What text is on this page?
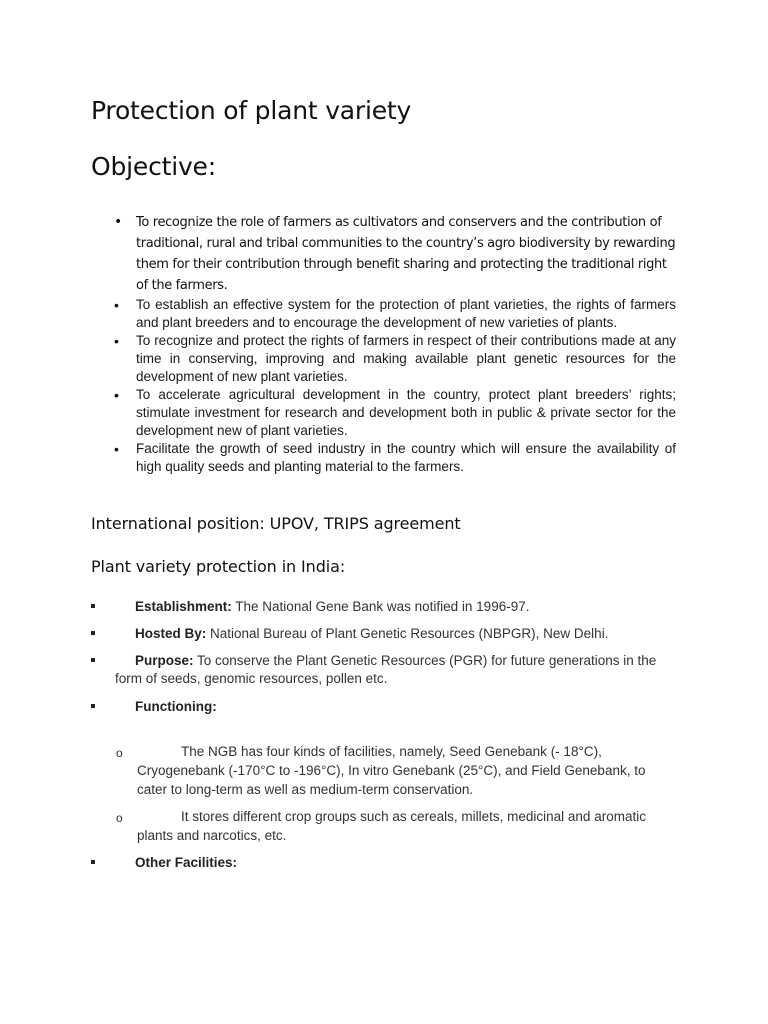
Protection of plant variety
Objective:
• To recognize the role of farmers as cultivators and conservers and the contribution of traditional, rural and tribal communities to the country’s agro biodiversity by rewarding them for their contribution through benefit sharing and protecting the traditional right of the farmers.
• To establish an effective system for the protection of plant varieties, the rights of farmers and plant breeders and to encourage the development of new varieties of plants.
• To recognize and protect the rights of farmers in respect of their contributions made at any time in conserving, improving and making available plant genetic resources for the development of new plant varieties.
• To accelerate agricultural development in the country, protect plant breeders’ rights; stimulate investment for research and development both in public & private sector for the development new of plant varieties.
• Facilitate the growth of seed industry in the country which will ensure the availability of high quality seeds and planting material to the farmers.
International position: UPOV, TRIPS agreement
Plant variety protection in India:
Establishment: The National Gene Bank was notified in 1996-97.
Hosted By: National Bureau of Plant Genetic Resources (NBPGR), New Delhi.
Purpose: To conserve the Plant Genetic Resources (PGR) for future generations in the form of seeds, genomic resources, pollen etc.
Functioning:
o	The NGB has four kinds of facilities, namely, Seed Genebank (- 18°C), Cryogenebank (-170°C to -196°C), In vitro Genebank (25°C), and Field Genebank, to cater to long-term as well as medium-term conservation.
o	It stores different crop groups such as cereals, millets, medicinal and aromatic plants and narcotics, etc.
Other Facilities:
